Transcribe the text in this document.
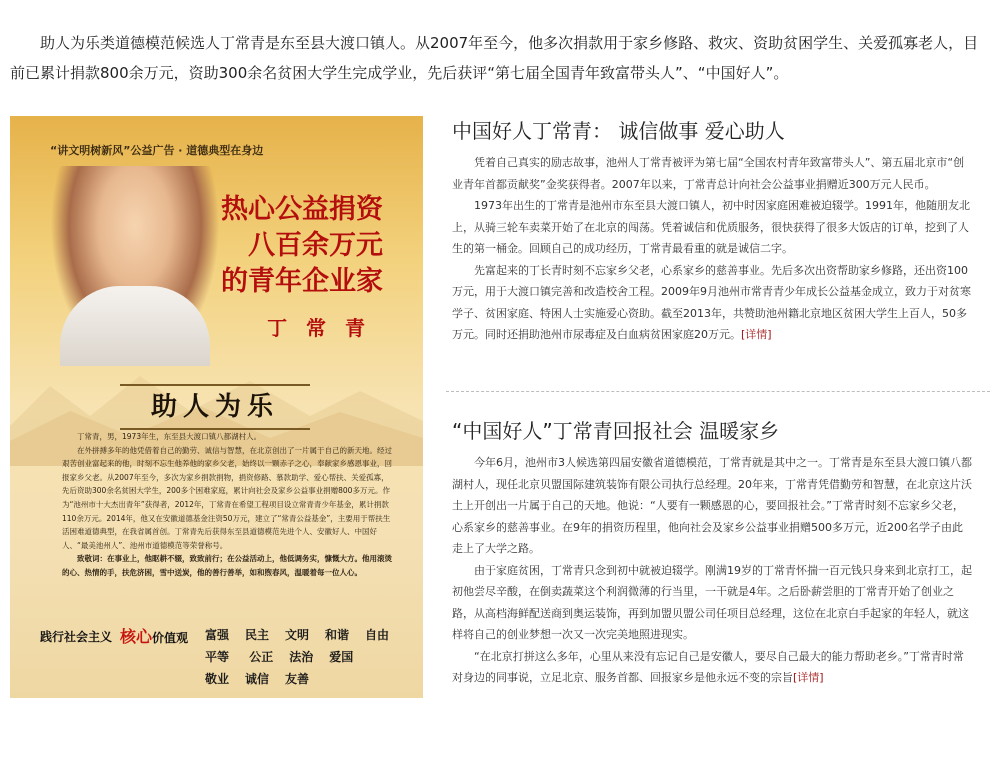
助人为乐类道德模范候选人丁常青是东至县大渡口镇人。从2007年至今，他多次捐款用于家乡修路、救灾、资助贫困学生、关爱孤寡老人，目前已累计捐款800余万元，资助300余名贫困大学生完成学业，先后获评“第七届全国青年致富带头人”、“中国好人”。

“讲文明树新风”公益广告 · 道德典型在身边
热心公益捐资
八百余万元
的青年企业家
丁 常 青
助人为乐

丁常青，男，1973年生，东至县大渡口镇八都湖村人。

在外拼搏多年的他凭借着自己的勤劳、诚信与智慧，在北京创出了一片属于自己的新天地。经过艰苦创业富起来的他，时刻不忘生他养他的家乡父老，始终以一颗赤子之心，奉献家乡感恩事业，回报家乡父老。从2007年至今，多次为家乡捐款捐物，捐资修路、慕款助学、爱心帮扶、关爱孤寡，先后资助300余名贫困大学生，200多个困难家庭，累计向社会及家乡公益事业捐赠800多万元。作为“池州市十大杰出青年”获得者，2012年，丁常青在希望工程项目设立常青青少年基金，累计捐款110余万元。2014年，他又在安徽道德基金注资50万元，建立了“常青公益基金”，主要用于帮扶生活困难道德典型，在我省属首创。丁常青先后获得东至县道德模范先进个人、安徽好人、中国好人、“最美池州人”、池州市道德模范等荣誉称号。

致敬词：在事业上，他眍耕不辍，致致前行；在公益活动上，他低调务实，慷慨大方。他用滚烫的心、热情的手，扶危济困，雪中送炭，他的善行善举，如和煦春风，温暖着每一位人心。

践行社会主义 核心价值观 富强 民主 文明 和谐 自由平等 公正 法治 爱国敬业 诚信 友善
中国好人丁常青： 诚信做事 爱心助人

凭着自己真实的励志故事，池州人丁常青被评为第七届“全国农村青年致富带头人”、第五届北京市“创业青年首都贡献奖”金奖获得者。2007年以来，丁常青总计向社会公益事业捐赠近300万元人民币。

1973年出生的丁常青是池州市东至县大渡口镇人，初中时因家庭困难被迫辍学。1991年，他随朋友北上，从骑三轮车卖菜开始了在北京的闯荡。凭着诚信和优质服务，很快获得了很多大饭店的订单，挖到了人生的第一桶金。回顾自己的成功经历，丁常青最看重的就是诚信二字。

先富起来的丁长青时刻不忘家乡父老，心系家乡的慈善事业。先后多次出资帮助家乡修路，还出资100万元，用于大渡口镇完善和改造校舍工程。2009年9月池州市常青青少年成长公益基金成立，致力于对贫寒学子、贫困家庭、特困人士实施爱心资助。截至2013年，共赞助池州籍北京地区贫困大学生上百人，50多万元。同时还捐助池州市尿毒症及白血病贫困家庭20万元。[详情]

“中国好人”丁常青回报社会 温暖家乡

今年6月，池州市3人候选第四届安徽省道德模范，丁常青就是其中之一。丁常青是东至县大渡口镇八都湖村人，现任北京贝盟国际建筑装饰有限公司执行总经理。20年来，丁常青凭借勤劳和智慧，在北京这片沃土上开创出一片属于自己的天地。他说：“人要有一颗感恩的心，要回报社会。”丁常青时刻不忘家乡父老，心系家乡的慈善事业。在9年的捐资历程里，他向社会及家乡公益事业捐赠500多万元，近200名学子由此走上了大学之路。

由于家庭贫困，丁常青只念到初中就被迫辍学。刚满19岁的丁常青怀揣一百元钱只身来到北京打工，起初他尝尽辛酸，在倒卖蔬菜这个利润微薄的行当里，一干就是4年。之后卧薪尝胆的丁常青开始了创业之路，从高档海鲜配送商到奥运装饰，再到加盟贝盟公司任项目总经理，这位在北京白手起家的年轻人，就这样将自己的创业梦想一次又一次完美地照进现实。

“在北京打拼这么多年，心里从来没有忘记自己是安徽人，要尽自己最大的能力帮助老乡。”丁常青时常对身边的同事说，立足北京、服务首都、回报家乡是他永远不变的宗旨[详情]
